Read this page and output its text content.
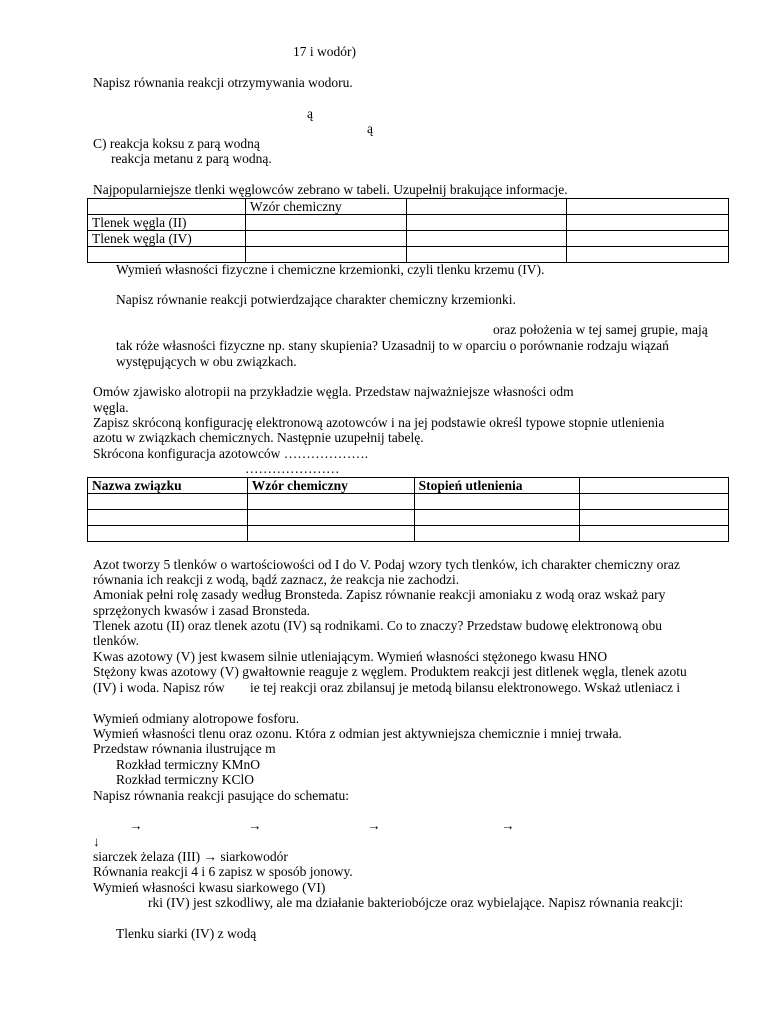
17 i wodór)
Napisz równania reakcji otrzymywania wodoru.
ą
ą
C) reakcja koksu z parą wodną
reakcja metanu z parą wodną.
Najpopularniejsze tlenki węglowców zebrano w tabeli. Uzupełnij brakujące informacje.
	Wzór chemiczny		
Tlenek węgla (II)			
Tlenek węgla (IV)			

Wymień własności fizyczne i chemiczne krzemionki, czyli tlenku krzemu (IV).
Napisz równanie reakcji potwierdzające charakter chemiczny krzemionki.
oraz położenia w tej samej grupie, mają
tak róże własności fizyczne np. stany skupienia? Uzasadnij to w oparciu o porównanie rodzaju wiązań
występujących w obu związkach.
Omów zjawisko alotropii na przykładzie węgla. Przedstaw najważniejsze własności odm
węgla.
Zapisz skróconą konfigurację elektronową azotowców i na jej podstawie określ typowe stopnie utlenienia
azotu w związkach chemicznych. Następnie uzupełnij tabelę.
Skrócona konfiguracja azotowców ……………….
…………………
Nazwa związku	Wzór chemiczny	Stopień utlenienia	

Azot tworzy 5 tlenków o wartościowości od I do V. Podaj wzory tych tlenków, ich charakter chemiczny oraz
równania ich reakcji z wodą, bądź zaznacz, że reakcja nie zachodzi.
Amoniak pełni rolę zasady według Bronsteda. Zapisz równanie reakcji amoniaku z wodą oraz wskaż pary
sprzężonych kwasów i zasad Bronsteda.
Tlenek azotu (II) oraz tlenek azotu (IV) są rodnikami. Co to znaczy? Przedstaw budowę elektronową obu
tlenków.
Kwas azotowy (V) jest kwasem silnie utleniającym. Wymień własności stężonego kwasu HNO
Stężony kwas azotowy (V) gwałtownie reaguje z węglem. Produktem reakcji jest ditlenek węgla, tlenek azotu
(IV) i woda. Napisz rów ie tej reakcji oraz zbilansuj je metodą bilansu elektronowego. Wskaż utleniacz i
Wymień odmiany alotropowe fosforu.
Wymień własności tlenu oraz ozonu. Która z odmian jest aktywniejsza chemicznie i mniej trwała.
Przedstaw równania ilustrujące m
Rozkład termiczny KMnO
Rozkład termiczny KClO
Napisz równania reakcji pasujące do schematu:
→	→	→	→
↓
siarczek żelaza (III) → siarkowodór
Równania reakcji 4 i 6 zapisz w sposób jonowy.
Wymień własności kwasu siarkowego (VI)
rki (IV) jest szkodliwy, ale ma działanie bakteriobójcze oraz wybielające. Napisz równania reakcji:
Tlenku siarki (IV) z wodą
